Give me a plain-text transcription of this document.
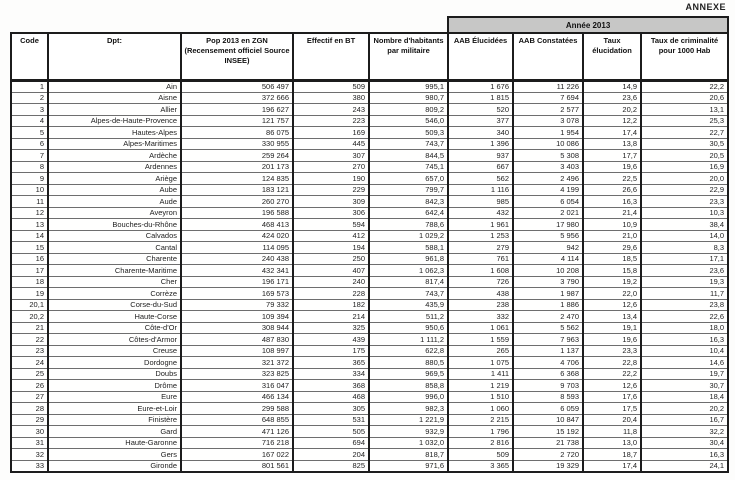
ANNEXE
					Année 2013			
Code	Dpt:	Pop 2013 en ZGN (Recensement officiel Source INSEE)	Effectif en BT	Nombre d'habitants par militaire	AAB Élucidées	AAB Constatées	Taux élucidation	Taux de criminalité pour 1000 Hab
1	Ain	506 497	509	995,1	1 676	11 226	14,9	22,2
2	Aisne	372 666	380	980,7	1 815	7 694	23,6	20,6
3	Allier	196 627	243	809,2	520	2 577	20,2	13,1
4	Alpes-de-Haute-Provence	121 757	223	546,0	377	3 078	12,2	25,3
5	Hautes-Alpes	86 075	169	509,3	340	1 954	17,4	22,7
6	Alpes-Maritimes	330 955	445	743,7	1 396	10 086	13,8	30,5
7	Ardèche	259 264	307	844,5	937	5 308	17,7	20,5
8	Ardennes	201 173	270	745,1	667	3 403	19,6	16,9
9	Ariège	124 835	190	657,0	562	2 496	22,5	20,0
10	Aube	183 121	229	799,7	1 116	4 199	26,6	22,9
11	Aude	260 270	309	842,3	985	6 054	16,3	23,3
12	Aveyron	196 588	306	642,4	432	2 021	21,4	10,3
13	Bouches-du-Rhône	468 413	594	788,6	1 961	17 980	10,9	38,4
14	Calvados	424 020	412	1 029,2	1 253	5 956	21,0	14,0
15	Cantal	114 095	194	588,1	279	942	29,6	8,3
16	Charente	240 438	250	961,8	761	4 114	18,5	17,1
17	Charente-Maritime	432 341	407	1 062,3	1 608	10 208	15,8	23,6
18	Cher	196 171	240	817,4	726	3 790	19,2	19,3
19	Corrèze	169 573	228	743,7	438	1 987	22,0	11,7
20,1	Corse-du-Sud	79 332	182	435,9	238	1 886	12,6	23,8
20,2	Haute-Corse	109 394	214	511,2	332	2 470	13,4	22,6
21	Côte-d'Or	308 944	325	950,6	1 061	5 562	19,1	18,0
22	Côtes-d'Armor	487 830	439	1 111,2	1 559	7 963	19,6	16,3
23	Creuse	108 997	175	622,8	265	1 137	23,3	10,4
24	Dordogne	321 372	365	880,5	1 075	4 706	22,8	14,6
25	Doubs	323 825	334	969,5	1 411	6 368	22,2	19,7
26	Drôme	316 047	368	858,8	1 219	9 703	12,6	30,7
27	Eure	466 134	468	996,0	1 510	8 593	17,6	18,4
28	Eure-et-Loir	299 588	305	982,3	1 060	6 059	17,5	20,2
29	Finistère	648 855	531	1 221,9	2 215	10 847	20,4	16,7
30	Gard	471 126	505	932,9	1 796	15 192	11,8	32,2
31	Haute-Garonne	716 218	694	1 032,0	2 816	21 738	13,0	30,4
32	Gers	167 022	204	818,7	509	2 720	18,7	16,3
33	Gironde	801 561	825	971,6	3 365	19 329	17,4	24,1
